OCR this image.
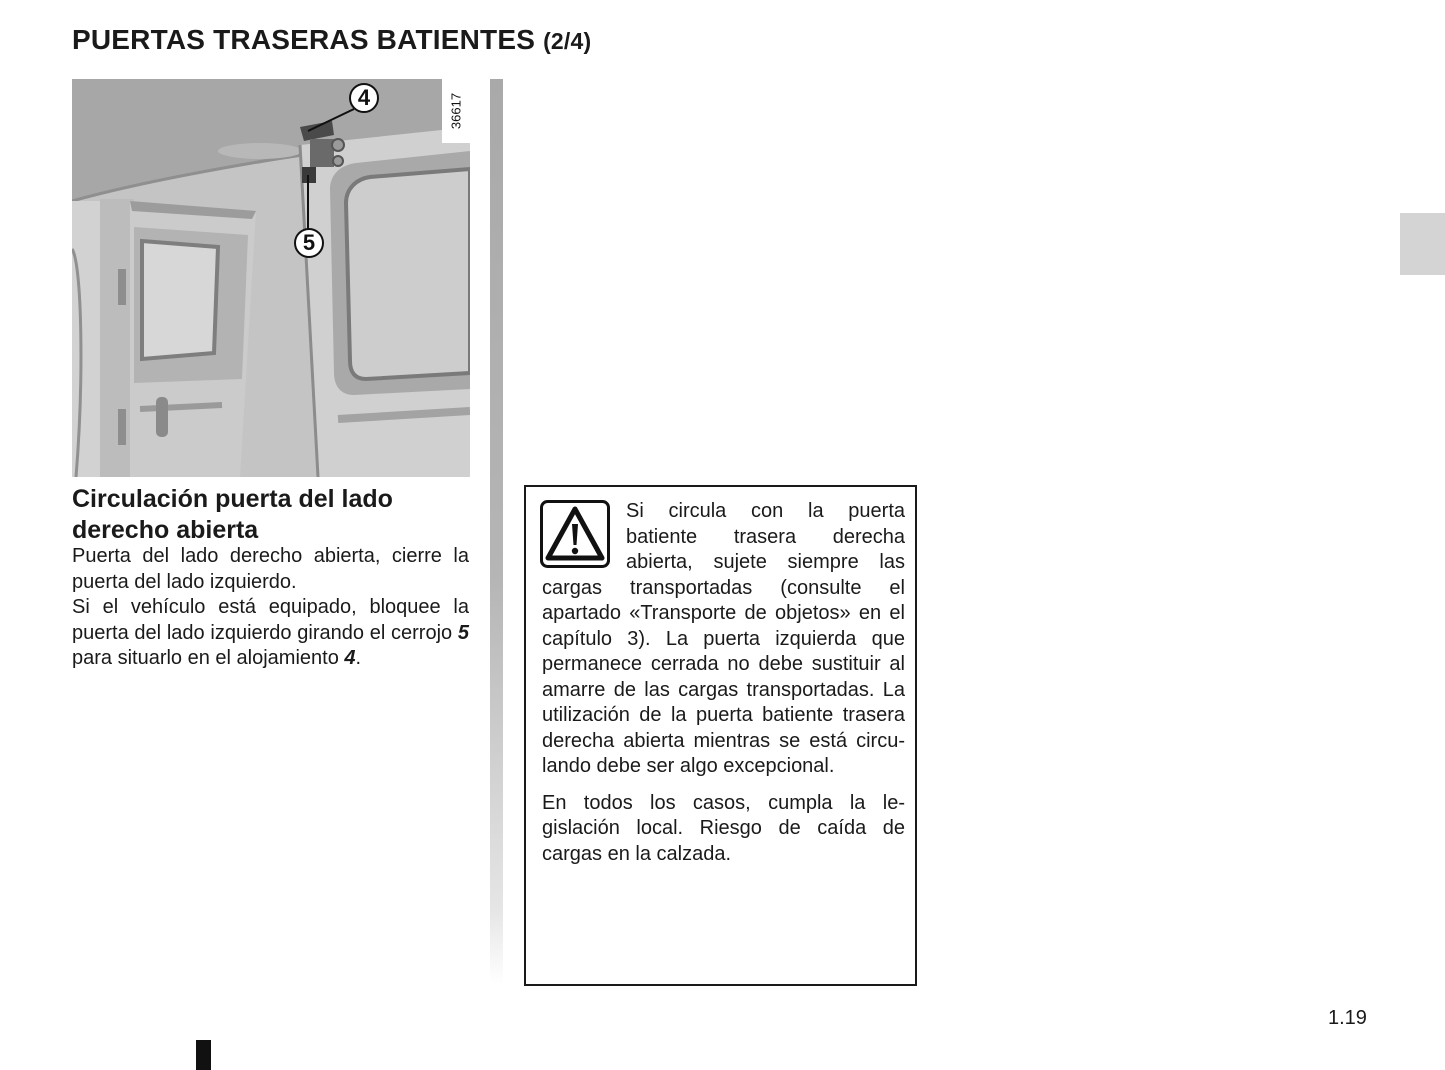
PUERTAS TRASERAS BATIENTES (2/4)
4
5
36617
Circulación puerta del lado derecho abierta

Puerta del lado derecho abierta, cierre la puerta del lado izquierdo.

Si el vehículo está equipado, bloquee la puerta del lado izquierdo girando el cerrojo 5 para situarlo en el alojamiento 4.

Si circula con la puerta batiente trasera derecha abierta, sujete siempre las cargas transportadas (consulte el apartado «Transporte de objetos» en el capítulo 3). La puerta izquierda que permanece cerrada no debe sustituir al amarre de las cargas transportadas. La utilización de la puerta batiente trasera derecha abierta mientras se está circulando debe ser algo excepcional.

En todos los casos, cumpla la legislación local. Riesgo de caída de cargas en la calzada.

1.19
